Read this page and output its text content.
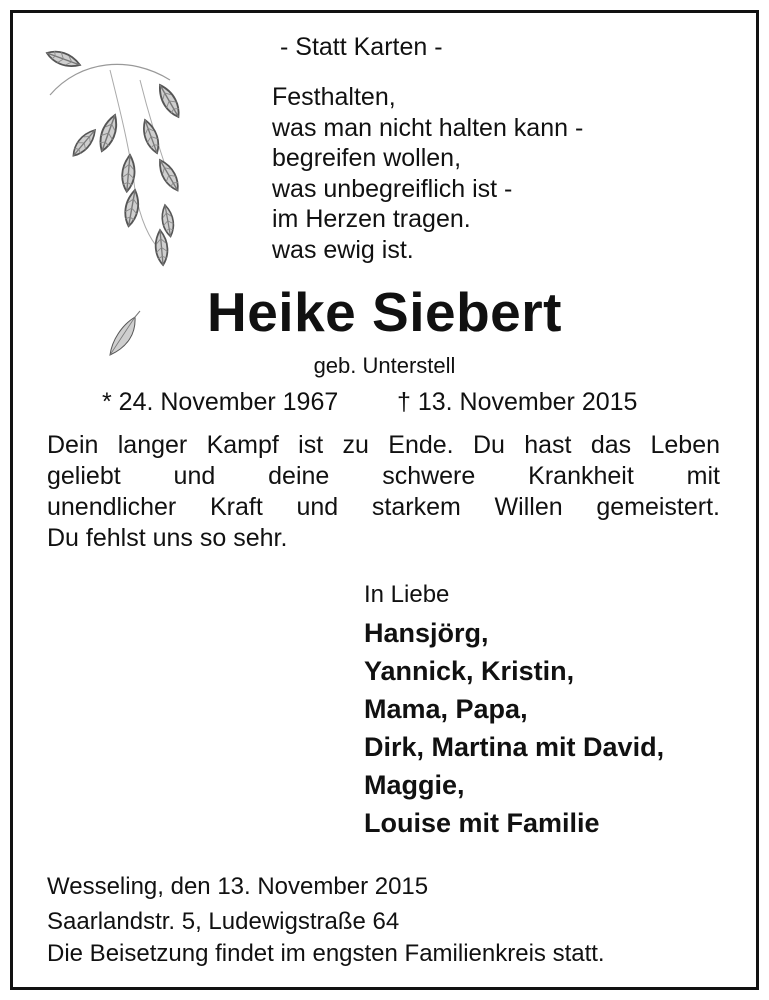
- Statt Karten -
Festhalten,
was man nicht halten kann -
begreifen wollen,
was unbegreiflich ist -
im Herzen tragen.
was ewig ist.
Heike Siebert
geb. Unterstell
* 24. November 1967 † 13. November 2015
Dein langer Kampf ist zu Ende. Du hast das Leben
geliebt und deine schwere Krankheit mit
unendlicher Kraft und starkem Willen gemeistert.
Du fehlst uns so sehr.
In Liebe
Hansjörg,
Yannick, Kristin,
Mama, Papa,
Dirk, Martina mit David,
Maggie,
Louise mit Familie
Wesseling, den 13. November 2015
Saarlandstr. 5, Ludewigstraße 64
Die Beisetzung findet im engsten Familienkreis statt.
